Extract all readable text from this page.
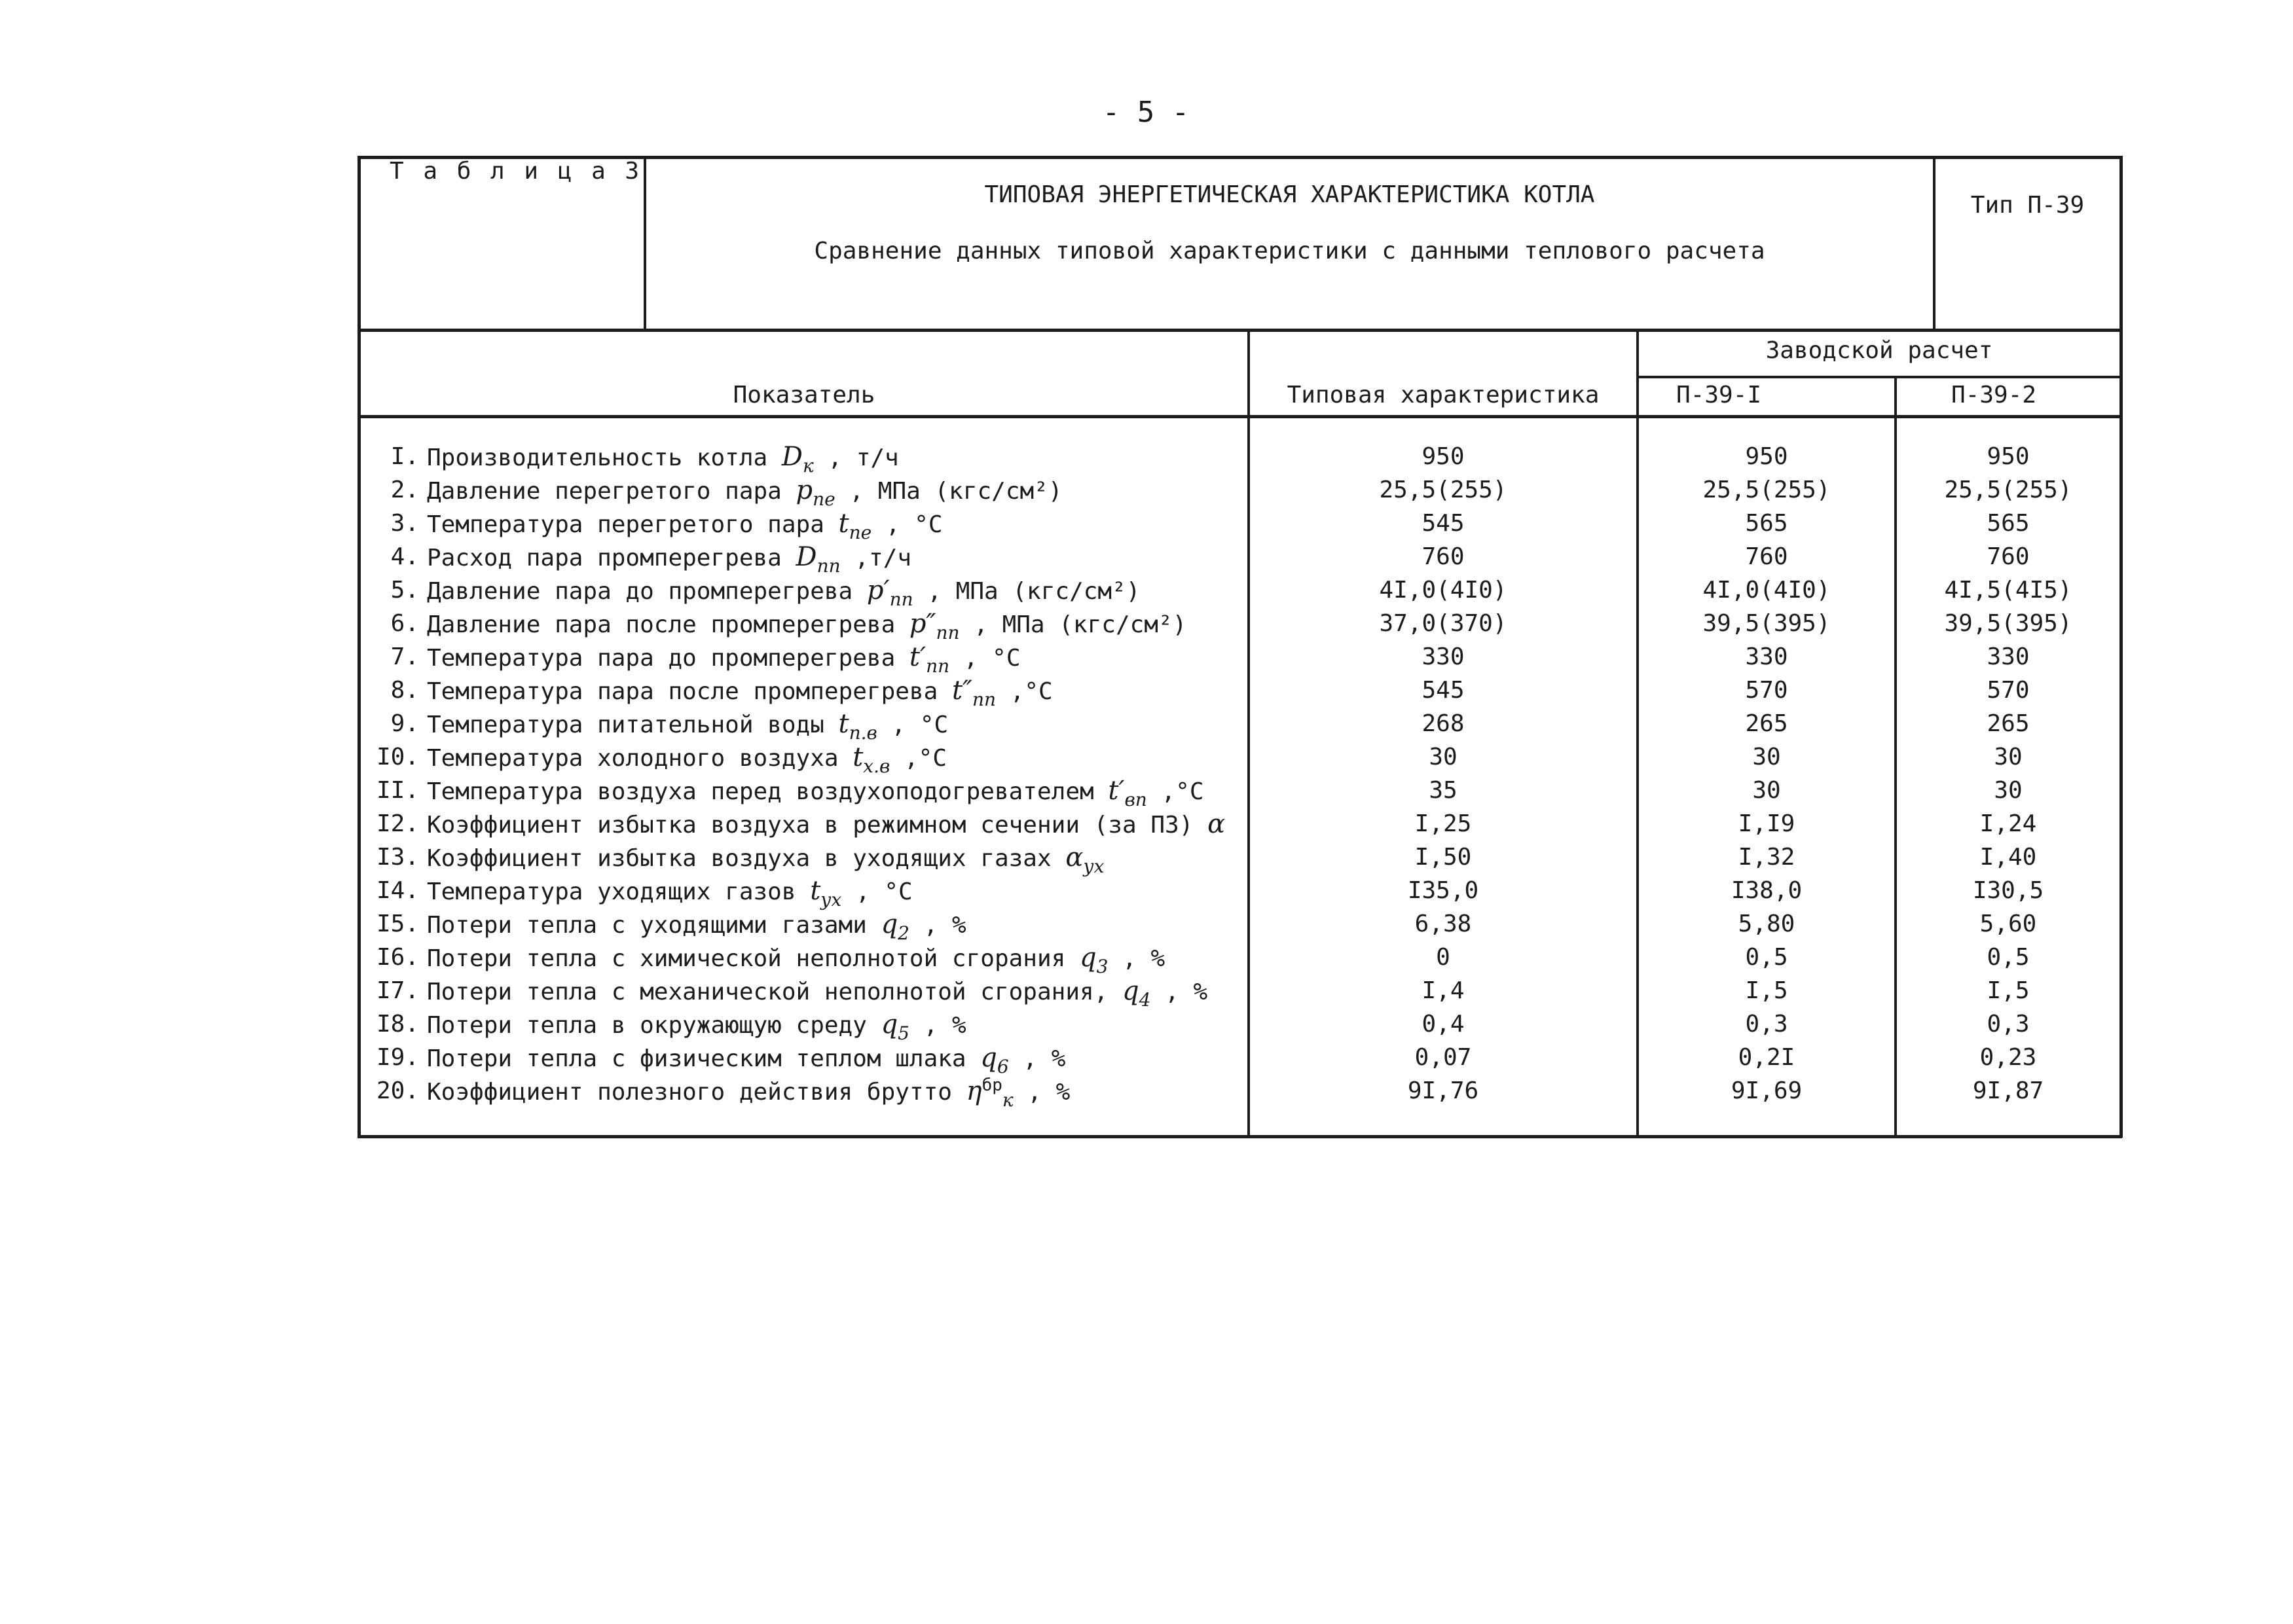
- 5 -
Т а б л и ц а 3
ТИПОВАЯ ЭНЕРГЕТИЧЕСКАЯ ХАРАКТЕРИСТИКА КОТЛА
Сравнение данных типовой характеристики с данными теплового расчета
Тип П-39
Показатель	Типовая характеристика
Заводской расчет
П-39-I	П-39-2
I. Производительность котла $D_к$ , т/ч	950	950	950
2. Давление перегретого пара $p_{пе}$ , МПа (кгс/см²)	25,5(255)	25,5(255)	25,5(255)
3. Температура перегретого пара $t_{пе}$ , °С	545	565	565
4. Расход пара промперегрева $D_{пп}$ ,т/ч	760	760	760
5. Давление пара до промперегрева $p'_{пп}$ , МПа (кгс/см²)	4I,0(4I0)	4I,0(4I0)	4I,5(4I5)
6. Давление пара после промперегрева $p''_{пп}$ , МПа (кгс/см²)	37,0(370)	39,5(395)	39,5(395)
7. Температура пара до промперегрева $t'_{пп}$ , °С	330	330	330
8. Температура пара после промперегрева $t''_{пп}$ ,°С	545	570	570
9. Температура питательной воды $t_{п.в}$ , °С	268	265	265
I0. Температура холодного воздуха $t_{х.в}$ ,°С	30	30	30
II. Температура воздуха перед воздухоподогревателем $t'_{вп}$ ,°С	35	30	30
I2. Коэффициент избытка воздуха в режимном сечении (за ПЗ) α	I,25	I,I9	I,24
I3. Коэффициент избытка воздуха в уходящих газах $\alpha_{ух}$	I,50	I,32	I,40
I4. Температура уходящих газов $t_{ух}$ , °С	I35,0	I38,0	I30,5
I5. Потери тепла с уходящими газами $q_2$ , %	6,38	5,80	5,60
I6. Потери тепла с химической неполнотой сгорания $q_3$ , %	0	0,5	0,5
I7. Потери тепла с механической неполнотой сгорания, $q_4$ , %	I,4	I,5	I,5
I8. Потери тепла в окружающую среду $q_5$ , %	0,4	0,3	0,3
I9. Потери тепла с физическим теплом шлака $q_6$ , %	0,07	0,2I	0,23
20. Коэффициент полезного действия брутто $\eta^{бр}_к$ , %	9I,76	9I,69	9I,87
